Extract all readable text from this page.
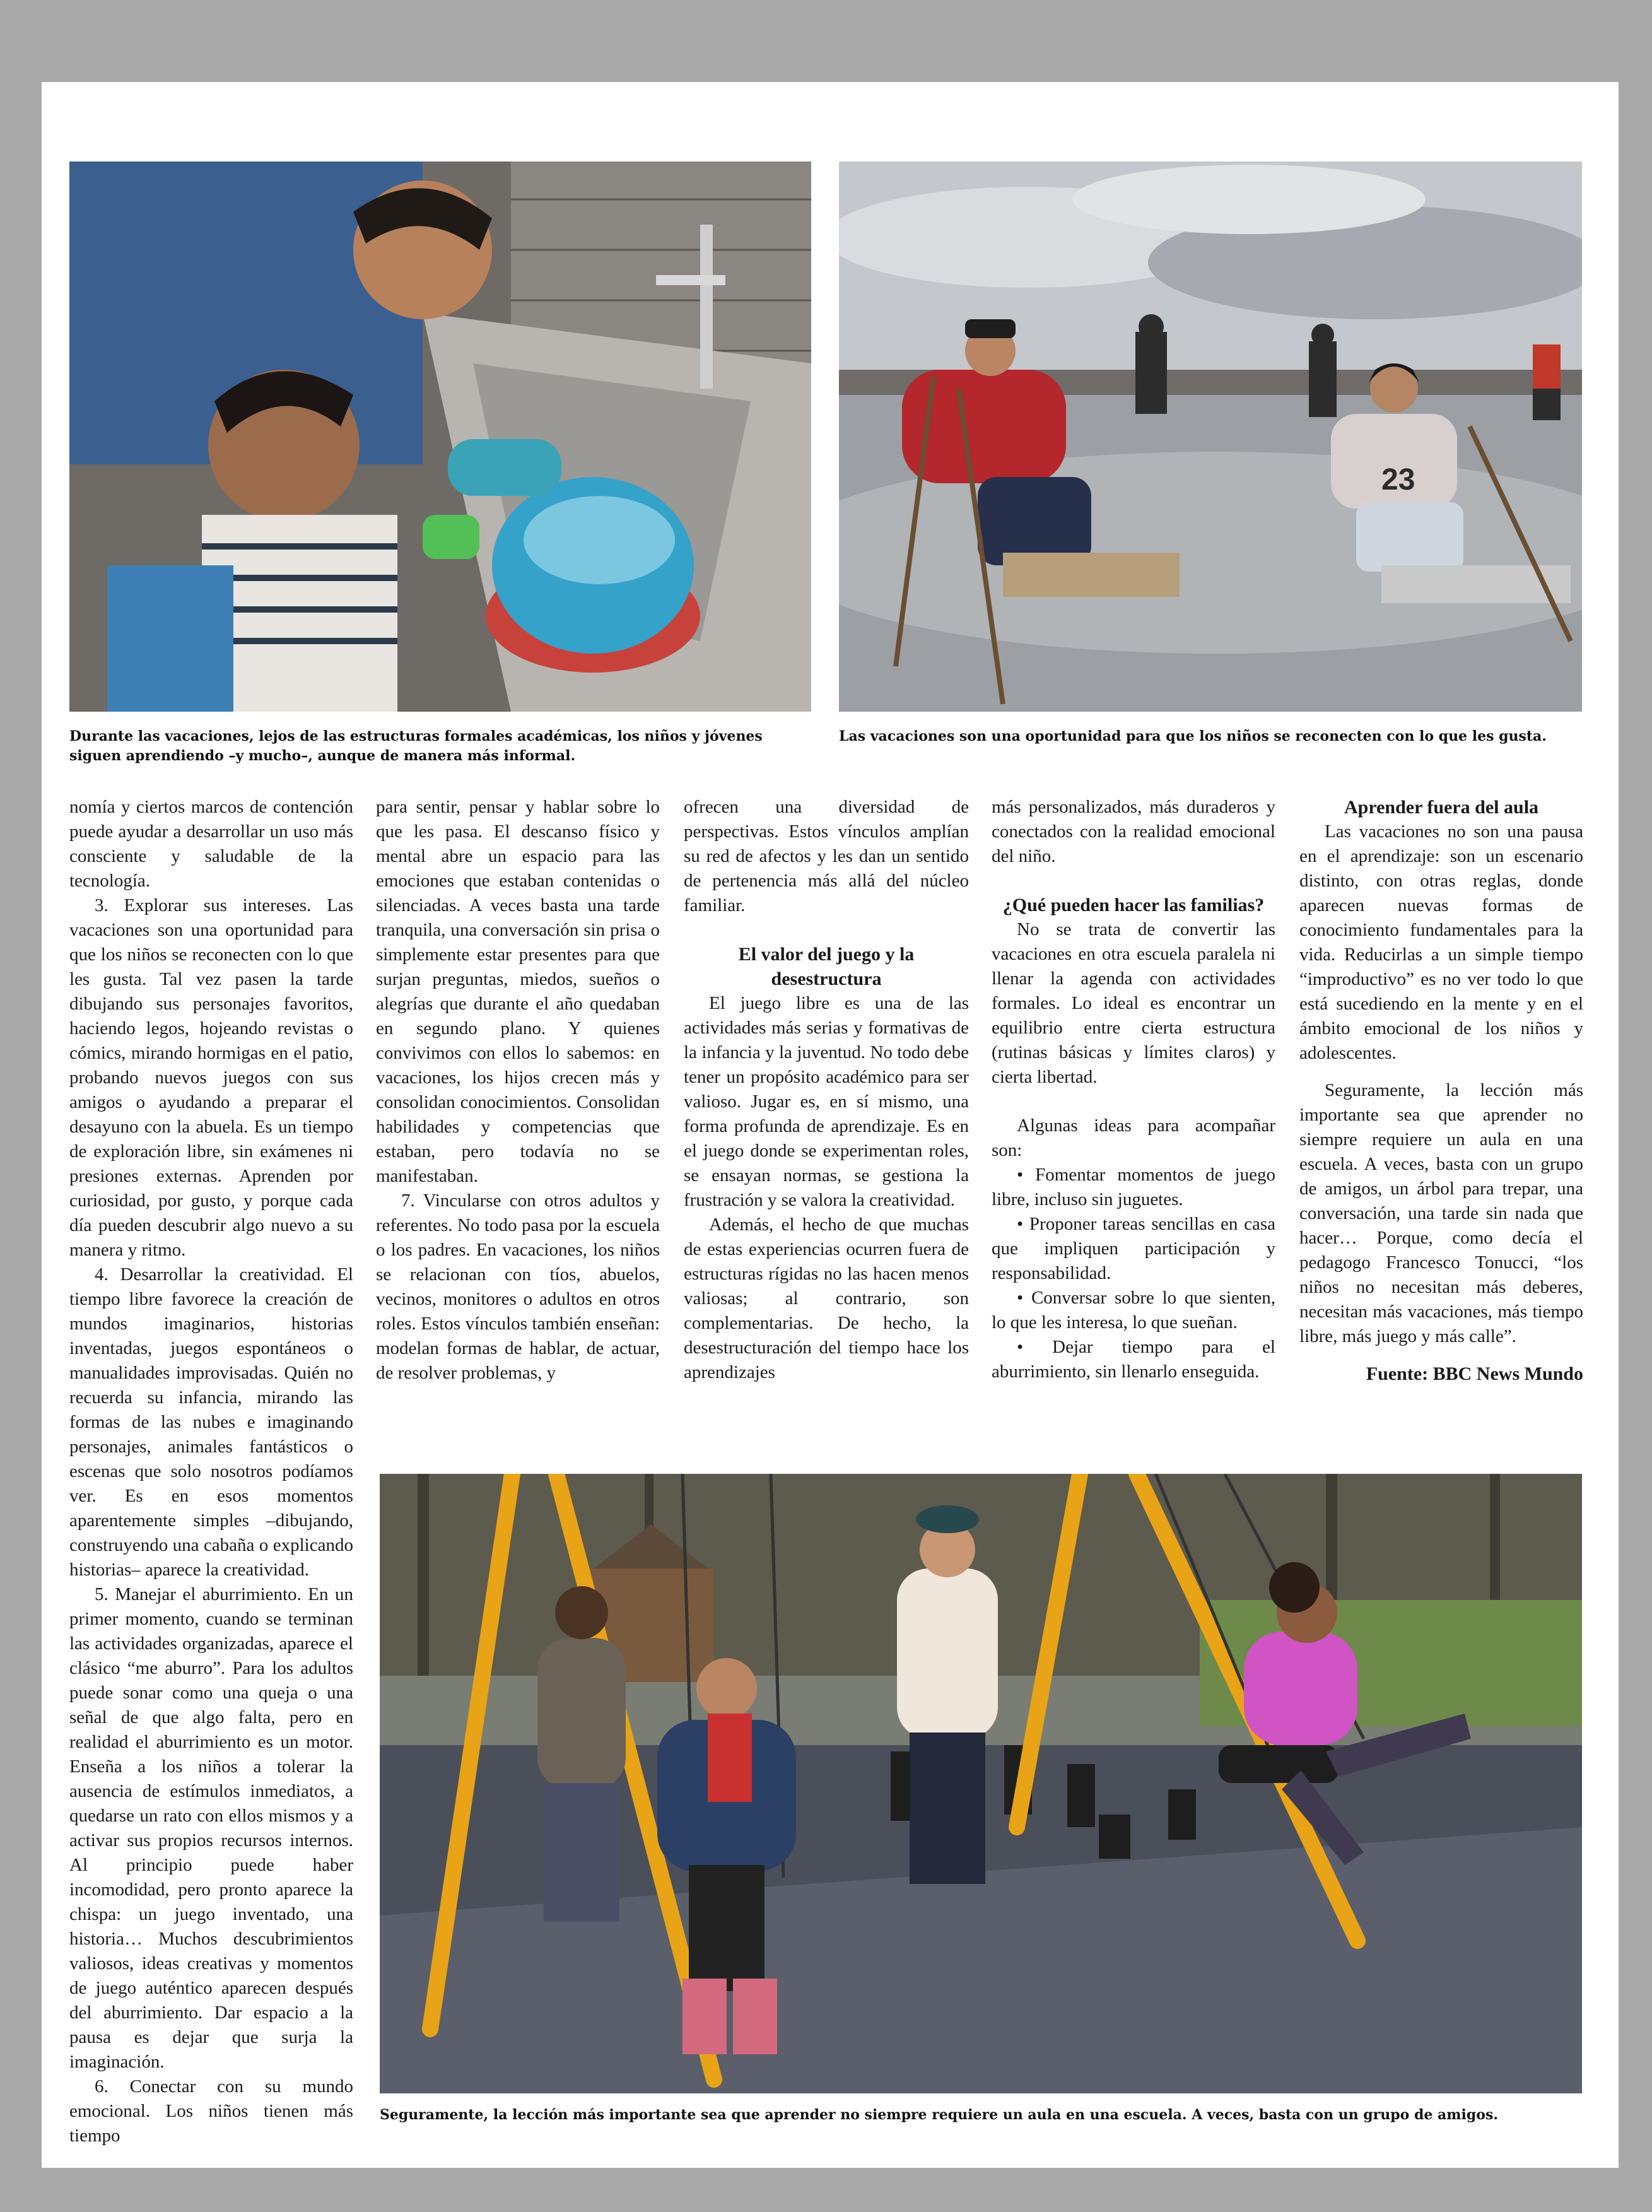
Durante las vacaciones, lejos de las estructuras formales académicas, los niños y jóvenes siguen aprendiendo –y mucho–, aunque de manera más informal.
23
Las vacaciones son una oportunidad para que los niños se reconecten con lo que les gusta.

nomía y ciertos marcos de contención puede ayudar a desarrollar un uso más consciente y saludable de la tecnología.

3. Explorar sus intereses. Las vacaciones son una oportunidad para que los niños se reconecten con lo que les gusta. Tal vez pasen la tarde dibujando sus personajes favoritos, haciendo legos, hojeando revistas o cómics, mirando hormigas en el patio, probando nuevos juegos con sus amigos o ayudando a preparar el desayuno con la abuela. Es un tiempo de exploración libre, sin exámenes ni presiones externas. Aprenden por curiosidad, por gusto, y porque cada día pueden descubrir algo nuevo a su manera y ritmo.

4. Desarrollar la creatividad. El tiempo libre favorece la creación de mundos imaginarios, historias inventadas, juegos espontáneos o manualidades improvisadas. Quién no recuerda su infancia, mirando las formas de las nubes e imaginando personajes, animales fantásticos o escenas que solo nosotros podíamos ver. Es en esos momentos aparentemente simples –dibujando, construyendo una cabaña o explicando historias– aparece la creatividad.

5. Manejar el aburrimiento. En un primer momento, cuando se terminan las actividades organizadas, aparece el clásico “me aburro”. Para los adultos puede sonar como una queja o una señal de que algo falta, pero en realidad el aburrimiento es un motor. Enseña a los niños a tolerar la ausencia de estímulos inmediatos, a quedarse un rato con ellos mismos y a activar sus propios recursos internos. Al principio puede haber incomodidad, pero pronto aparece la chispa: un juego inventado, una historia… Muchos descubrimientos valiosos, ideas creativas y momentos de juego auténtico aparecen después del aburrimiento. Dar espacio a la pausa es dejar que surja la imaginación.

6. Conectar con su mundo emocional. Los niños tienen más tiempo

para sentir, pensar y hablar sobre lo que les pasa. El descanso físico y mental abre un espacio para las emociones que estaban contenidas o silenciadas. A veces basta una tarde tranquila, una conversación sin prisa o simplemente estar presentes para que surjan preguntas, miedos, sueños o alegrías que durante el año quedaban en segundo plano. Y quienes convivimos con ellos lo sabemos: en vacaciones, los hijos crecen más y consolidan conocimientos. Consolidan habilidades y competencias que estaban, pero todavía no se manifestaban.

7. Vincularse con otros adultos y referentes. No todo pasa por la escuela o los padres. En vacaciones, los niños se relacionan con tíos, abuelos, vecinos, monitores o adultos en otros roles. Estos vínculos también enseñan: modelan formas de hablar, de actuar, de resolver problemas, y

ofrecen una diversidad de perspectivas. Estos vínculos amplían su red de afectos y les dan un sentido de pertenencia más allá del núcleo familiar.

El valor del juego y la desestructura

El juego libre es una de las actividades más serias y formativas de la infancia y la juventud. No todo debe tener un propósito académico para ser valioso. Jugar es, en sí mismo, una forma profunda de aprendizaje. Es en el juego donde se experimentan roles, se ensayan normas, se gestiona la frustración y se valora la creatividad.

Además, el hecho de que muchas de estas experiencias ocurren fuera de estructuras rígidas no las hacen menos valiosas; al contrario, son complementarias. De hecho, la desestructuración del tiempo hace los aprendizajes

más personalizados, más duraderos y conectados con la realidad emocional del niño.

¿Qué pueden hacer las familias?

No se trata de convertir las vacaciones en otra escuela paralela ni llenar la agenda con actividades formales. Lo ideal es encontrar un equilibrio entre cierta estructura (rutinas básicas y límites claros) y cierta libertad.

Algunas ideas para acompañar son:

• Fomentar momentos de juego libre, incluso sin juguetes.

• Proponer tareas sencillas en casa que impliquen participación y responsabilidad.

• Conversar sobre lo que sienten, lo que les interesa, lo que sueñan.

• Dejar tiempo para el aburrimiento, sin llenarlo enseguida.

Aprender fuera del aula

Las vacaciones no son una pausa en el aprendizaje: son un escenario distinto, con otras reglas, donde aparecen nuevas formas de conocimiento fundamentales para la vida. Reducirlas a un simple tiempo “improductivo” es no ver todo lo que está sucediendo en la mente y en el ámbito emocional de los niños y adolescentes.

Seguramente, la lección más importante sea que aprender no siempre requiere un aula en una escuela. A veces, basta con un grupo de amigos, un árbol para trepar, una conversación, una tarde sin nada que hacer… Porque, como decía el pedagogo Francesco Tonucci, “los niños no necesitan más deberes, necesitan más vacaciones, más tiempo libre, más juego y más calle”.

Fuente: BBC News Mundo

Seguramente, la lección más importante sea que aprender no siempre requiere un aula en una escuela. A veces, basta con un grupo de amigos.
